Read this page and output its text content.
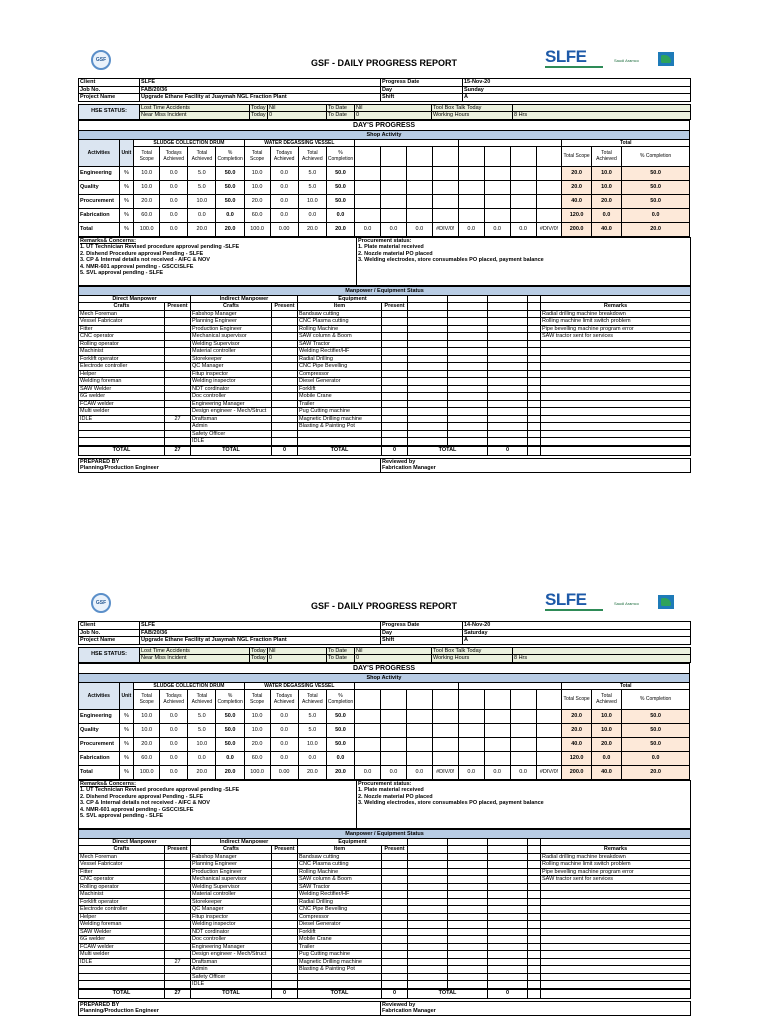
GSF	GSF - DAILY PROGRESS REPORT	SLFE	Saudi Aramco
Client	SLFE	Progress Date	15-Nov-20
Job No.	FAB/20/36	Day	Sunday
Project Name	Upgrade Ethane Facility at Juaymah NGL Fraction Plant	Shift	A
HSE STATUS:	Lost Time Accidents	Today	Nil	To Date	Nil	Tool Box Talk Today	
	Near Miss Incident	Today	0	To Date	0	Working Hours	8 Hrs
DAY'S PROGRESS																				
Shop Activity																				
Activities	Unit	SLUDGE COLLECTION DRUM				WATER DEGASSING VESSEL												Total		
		Total Scope	Todays Achieved	Total Achieved	% Completion	Total Scope	Todays Achieved	Total Achieved	% Completion									Total Scope	Total Achieved	% Completion
Engineering	%	10.0	0.0	5.0	50.0	10.0	0.0	5.0	50.0									20.0	10.0	50.0
Quality	%	10.0	0.0	5.0	50.0	10.0	0.0	5.0	50.0									20.0	10.0	50.0
Procurement	%	20.0	0.0	10.0	50.0	20.0	0.0	10.0	50.0									40.0	20.0	50.0
Fabrication	%	60.0	0.0	0.0	0.0	60.0	0.0	0.0	0.0									120.0	0.0	0.0
Total	%	100.0	0.0	20.0	20.0	100.0	0.00	20.0	20.0	0.0	0.0	0.0	#DIV/0!	0.0	0.0	0.0	#DIV/0!	200.0	40.0	20.0
Remarks& Concerns:
1. UT Technician Revised procedure approval pending -SLFE
2. Dishend Procedure approval Pending - SLFE
3. CP & Internal details not received - AIFC & NOV
4. NMR-601 approval pending - GSCC\SLFE
5. SVL approval pending - SLFE

Procurement status:
1. Plate material received
2. Nozzle material PO placed
3. Welding electrodes, store consumables PO placed, payment balance
Manpower / Equipment Status										
Direct Manpower		Indirect Manpower		Equipment						
Crafts	Present	Crafts	Present	Item	Present					Remarks
Mech Foreman		Fabshop Manager		Bandsaw cutting						Radial drilling machine breakdown
Vessel Fabricator		Planning Engineer		CNC Plasma cutting						Rolling machine limit switch problem
Fitter		Production Engineer		Rolling Machine						Pipe bevelling machine program error
CNC operator		Mechanical supervisor		SAW column & Boom						SAW tractor sent for services
Rolling operator		Welding Supervisor		SAW Tractor						
Machinist		Material controller		Welding Rectifier/HF						
Forklift operator		Storekeeper		Radial Drilling						
Electrode controller		QC Manager		CNC Pipe Bevelling						
Helper		Fitup inspector		Compressor						
Welding foreman		Welding inspector		Diesel Generator						
SAW Welder		NDT cordinator		Forklift						
6G welder		Doc controller		Mobile Crane						
FCAW welder		Engineering Manager		Trailer						
Multi welder		Design engineer - Mech/Struct		Pug Cutting machine						
IDLE	27	Draftsman		Magnetic Drilling machine						
		Admin		Blasting & Painting Pot						
		Safety Officer								
		IDLE								

TOTAL	27	TOTAL	0	TOTAL	0	TOTAL		0		
PREPARED BY
Planning/Production Engineer

Reviewed by
Fabrication Manager
GSF	GSF - DAILY PROGRESS REPORT	SLFE	Saudi Aramco
Client	SLFE	Progress Date	14-Nov-20
Job No.	FAB/20/36	Day	Saturday
Project Name	Upgrade Ethane Facility at Juaymah NGL Fraction Plant	Shift	A
HSE STATUS:	Lost Time Accidents	Today	Nil	To Date	Nil	Tool Box Talk Today	
	Near Miss Incident	Today	0	To Date	0	Working Hours	8 Hrs
DAY'S PROGRESS																				
Shop Activity																				
Activities	Unit	SLUDGE COLLECTION DRUM				WATER DEGASSING VESSEL												Total		
		Total Scope	Todays Achieved	Total Achieved	% Completion	Total Scope	Todays Achieved	Total Achieved	% Completion									Total Scope	Total Achieved	% Completion
Engineering	%	10.0	0.0	5.0	50.0	10.0	0.0	5.0	50.0									20.0	10.0	50.0
Quality	%	10.0	0.0	5.0	50.0	10.0	0.0	5.0	50.0									20.0	10.0	50.0
Procurement	%	20.0	0.0	10.0	50.0	20.0	0.0	10.0	50.0									40.0	20.0	50.0
Fabrication	%	60.0	0.0	0.0	0.0	60.0	0.0	0.0	0.0									120.0	0.0	0.0
Total	%	100.0	0.0	20.0	20.0	100.0	0.00	20.0	20.0	0.0	0.0	0.0	#DIV/0!	0.0	0.0	0.0	#DIV/0!	200.0	40.0	20.0
Remarks& Concerns:
1. UT Technician Revised procedure approval pending -SLFE
2. Dishend Procedure approval Pending - SLFE
3. CP & Internal details not received - AIFC & NOV
4. NMR-601 approval pending - GSCC\SLFE
5. SVL approval pending - SLFE

Procurement status:
1. Plate material received
2. Nozzle material PO placed
3. Welding electrodes, store consumables PO placed, payment balance
Manpower / Equipment Status										
Direct Manpower		Indirect Manpower		Equipment						
Crafts	Present	Crafts	Present	Item	Present					Remarks
Mech Foreman		Fabshop Manager		Bandsaw cutting						Radial drilling machine breakdown
Vessel Fabricator		Planning Engineer		CNC Plasma cutting						Rolling machine limit switch problem
Fitter		Production Engineer		Rolling Machine						Pipe bevelling machine program error
CNC operator		Mechanical supervisor		SAW column & Boom						SAW tractor sent for services
Rolling operator		Welding Supervisor		SAW Tractor						
Machinist		Material controller		Welding Rectifier/HF						
Forklift operator		Storekeeper		Radial Drilling						
Electrode controller		QC Manager		CNC Pipe Bevelling						
Helper		Fitup inspector		Compressor						
Welding foreman		Welding inspector		Diesel Generator						
SAW Welder		NDT cordinator		Forklift						
6G welder		Doc controller		Mobile Crane						
FCAW welder		Engineering Manager		Trailer						
Multi welder		Design engineer - Mech/Struct		Pug Cutting machine						
IDLE	27	Draftsman		Magnetic Drilling machine						
		Admin		Blasting & Painting Pot						
		Safety Officer								
		IDLE								

TOTAL	27	TOTAL	0	TOTAL	0	TOTAL		0		
PREPARED BY
Planning/Production Engineer

Reviewed by
Fabrication Manager
